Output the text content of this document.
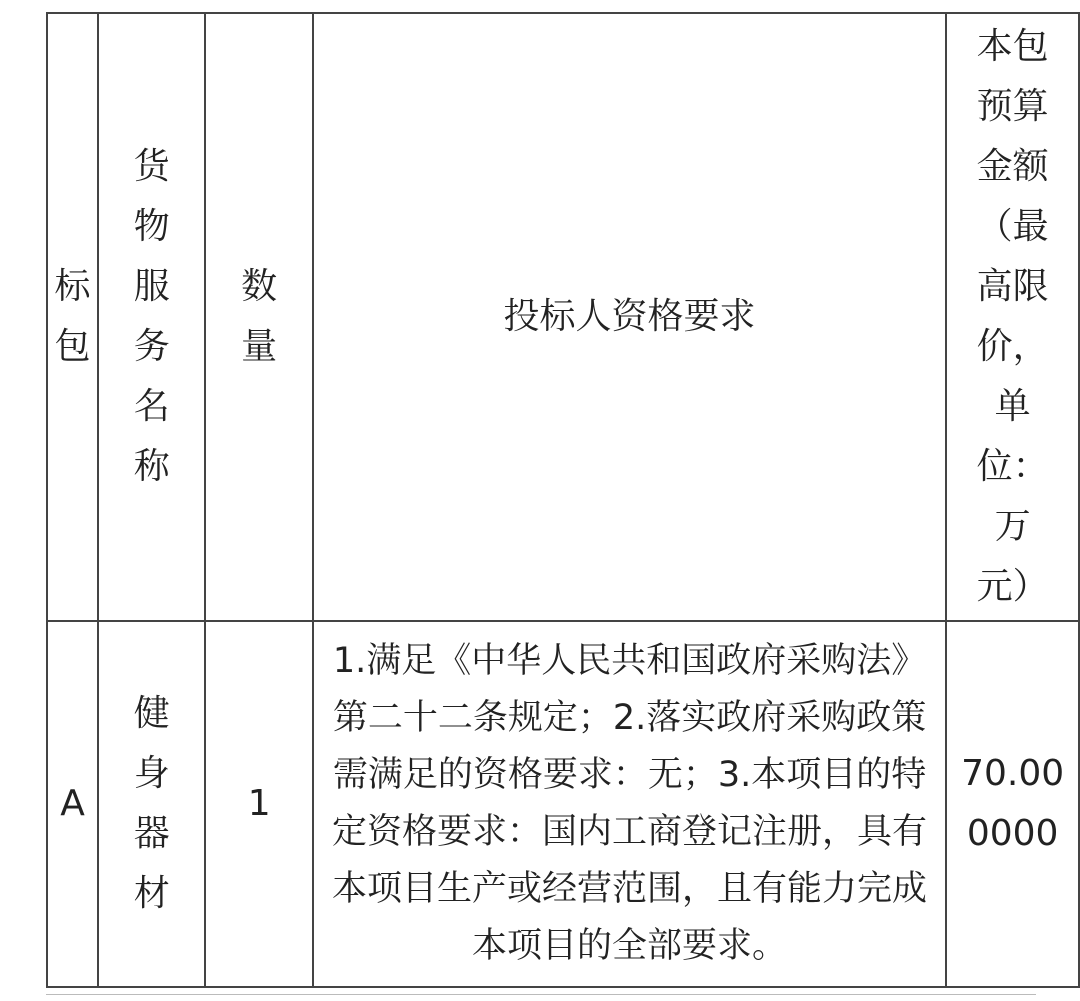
标包	货物服务名称	数量	投标人资格要求	本包预算金额（最高限价，单位：万元）
A	健身器材	1	1.满足《中华人民共和国政府采购法》第二十二条规定；2.落实政府采购政策需满足的资格要求：无；3.本项目的特定资格要求：国内工商登记注册，具有本项目生产或经营范围，且有能力完成本项目的全部要求。	70.000000
